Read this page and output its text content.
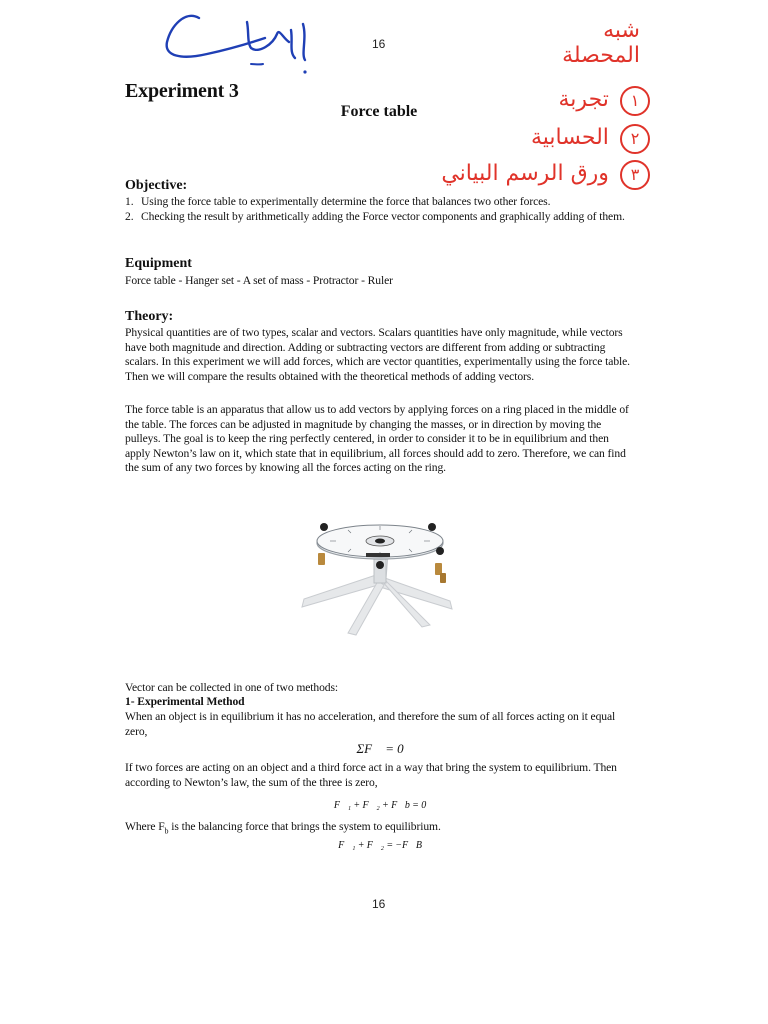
16
شبه المحصلة
١ تجربة
٢ الحسابية
٣ ورق الرسم البياني
Experiment 3
Force table
Objective:
1. Using the force table to experimentally determine the force that balances two other forces.
2. Checking the result by arithmetically adding the Force vector components and graphically adding of them.
Equipment
Force table - Hanger set - A set of mass - Protractor - Ruler
Theory:
Physical quantities are of two types, scalar and vectors. Scalars quantities have only magnitude, while vectors have both magnitude and direction. Adding or subtracting vectors are different from adding or subtracting scalars. In this experiment we will add forces, which are vector quantities, experimentally using the force table. Then we will compare the results obtained with the theoretical methods of adding vectors.
The force table is an apparatus that allow us to add vectors by applying forces on a ring placed in the middle of the table. The forces can be adjusted in magnitude by changing the masses, or in direction by moving the pulleys. The goal is to keep the ring perfectly centered, in order to consider it to be in equilibrium and then apply Newton’s law on it, which state that in equilibrium, all forces should add to zero. Therefore, we can find the sum of any two forces by knowing all the forces acting on the ring.
Vector can be collected in one of two methods:
1- Experimental Method
When an object is in equilibrium it has no acceleration, and therefore the sum of all forces acting on it equal zero,
ΣF⃗ = 0
If two forces are acting on an object and a third force act in a way that bring the system to equilibrium. Then according to Newton’s law, the sum of the three is zero,
F⃗₁ + F⃗₂ + F⃗b = 0
Where $F_b$ is the balancing force that brings the system to equilibrium.
F⃗₁ + F⃗₂ = −F⃗B
16
